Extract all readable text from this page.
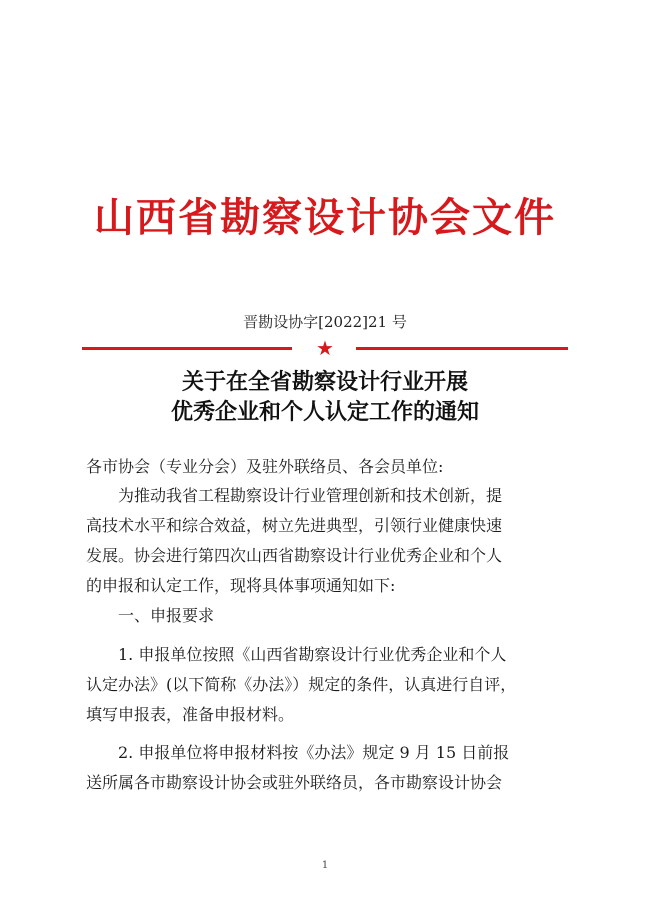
山西省勘察设计协会文件
晋勘设协字[2022]21 号
★
关于在全省勘察设计行业开展
优秀企业和个人认定工作的通知

各市协会（专业分会）及驻外联络员、各会员单位:

为推动我省工程勘察设计行业管理创新和技术创新，提

高技术水平和综合效益，树立先进典型，引领行业健康快速

发展。协会进行第四次山西省勘察设计行业优秀企业和个人

的申报和认定工作，现将具体事项通知如下:

一、申报要求

1. 申报单位按照《山西省勘察设计行业优秀企业和个人

认定办法》(以下简称《办法》）规定的条件，认真进行自评，

填写申报表，准备申报材料。

2. 申报单位将申报材料按《办法》规定 9 月 15 日前报

送所属各市勘察设计协会或驻外联络员，各市勘察设计协会

1
